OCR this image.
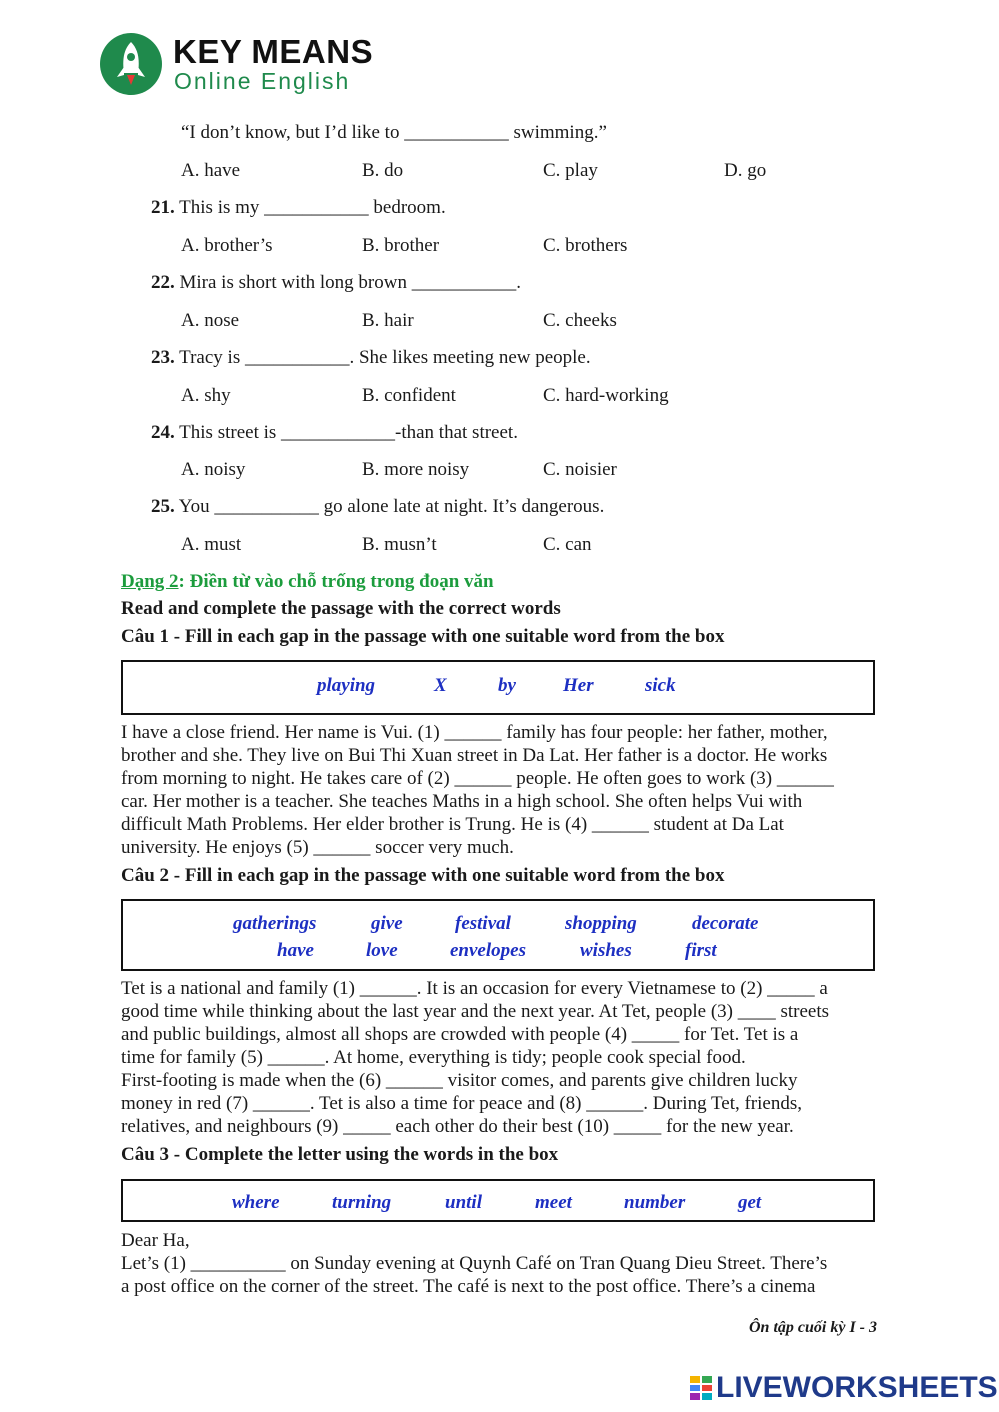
KEY MEANS
Online English
“I don’t know, but I’d like to ___________ swimming.”
A. have	B. do	C. play	D. go
21. This is my ___________ bedroom.
A. brother’s	B. brother	C. brothers
22. Mira is short with long brown ___________.
A. nose	B. hair	C. cheeks
23. Tracy is ___________. She likes meeting new people.
A. shy	B. confident	C. hard-working
24. This street is ____________-than that street.
A. noisy	B. more noisy	C. noisier
25. You ___________ go alone late at night. It’s dangerous.
A. must	B. musn’t	C. can
Dạng 2: Điền từ vào chỗ trống trong đoạn văn
Read and complete the passage with the correct words
Câu 1 - Fill in each gap in the passage with one suitable word from the box
playing	X	by Her	sick
I have a close friend. Her name is Vui. (1) ______ family has four people: her father, mother,
brother and she. They live on Bui Thi Xuan street in Da Lat. Her father is a doctor. He works
from morning to night. He takes care of (2) ______ people. He often goes to work (3) ______
car. Her mother is a teacher. She teaches Maths in a high school. She often helps Vui with
difficult Math Problems. Her elder brother is Trung. He is (4) ______ student at Da Lat
university. He enjoys (5) ______ soccer very much.
Câu 2 - Fill in each gap in the passage with one suitable word from the box
gatherings	give	festival	shopping	decorate
have	love	envelopes	wishes	first
Tet is a national and family (1) ______. It is an occasion for every Vietnamese to (2) _____ a
good time while thinking about the last year and the next year. At Tet, people (3) ____ streets
and public buildings, almost all shops are crowded with people (4) _____ for Tet. Tet is a
time for family (5) ______. At home, everything is tidy; people cook special food.
First-footing is made when the (6) ______ visitor comes, and parents give children lucky
money in red (7) ______. Tet is also a time for peace and (8) ______. During Tet, friends,
relatives, and neighbours (9) _____ each other do their best (10) _____ for the new year.
Câu 3 - Complete the letter using the words in the box
where	turning	until	meet	number	get
Dear Ha,
Let’s (1) __________ on Sunday evening at Quynh Café on Tran Quang Dieu Street. There’s
a post office on the corner of the street. The café is next to the post office. There’s a cinema
Ôn tập cuối kỳ I - 3
LIVEWORKSHEETS
